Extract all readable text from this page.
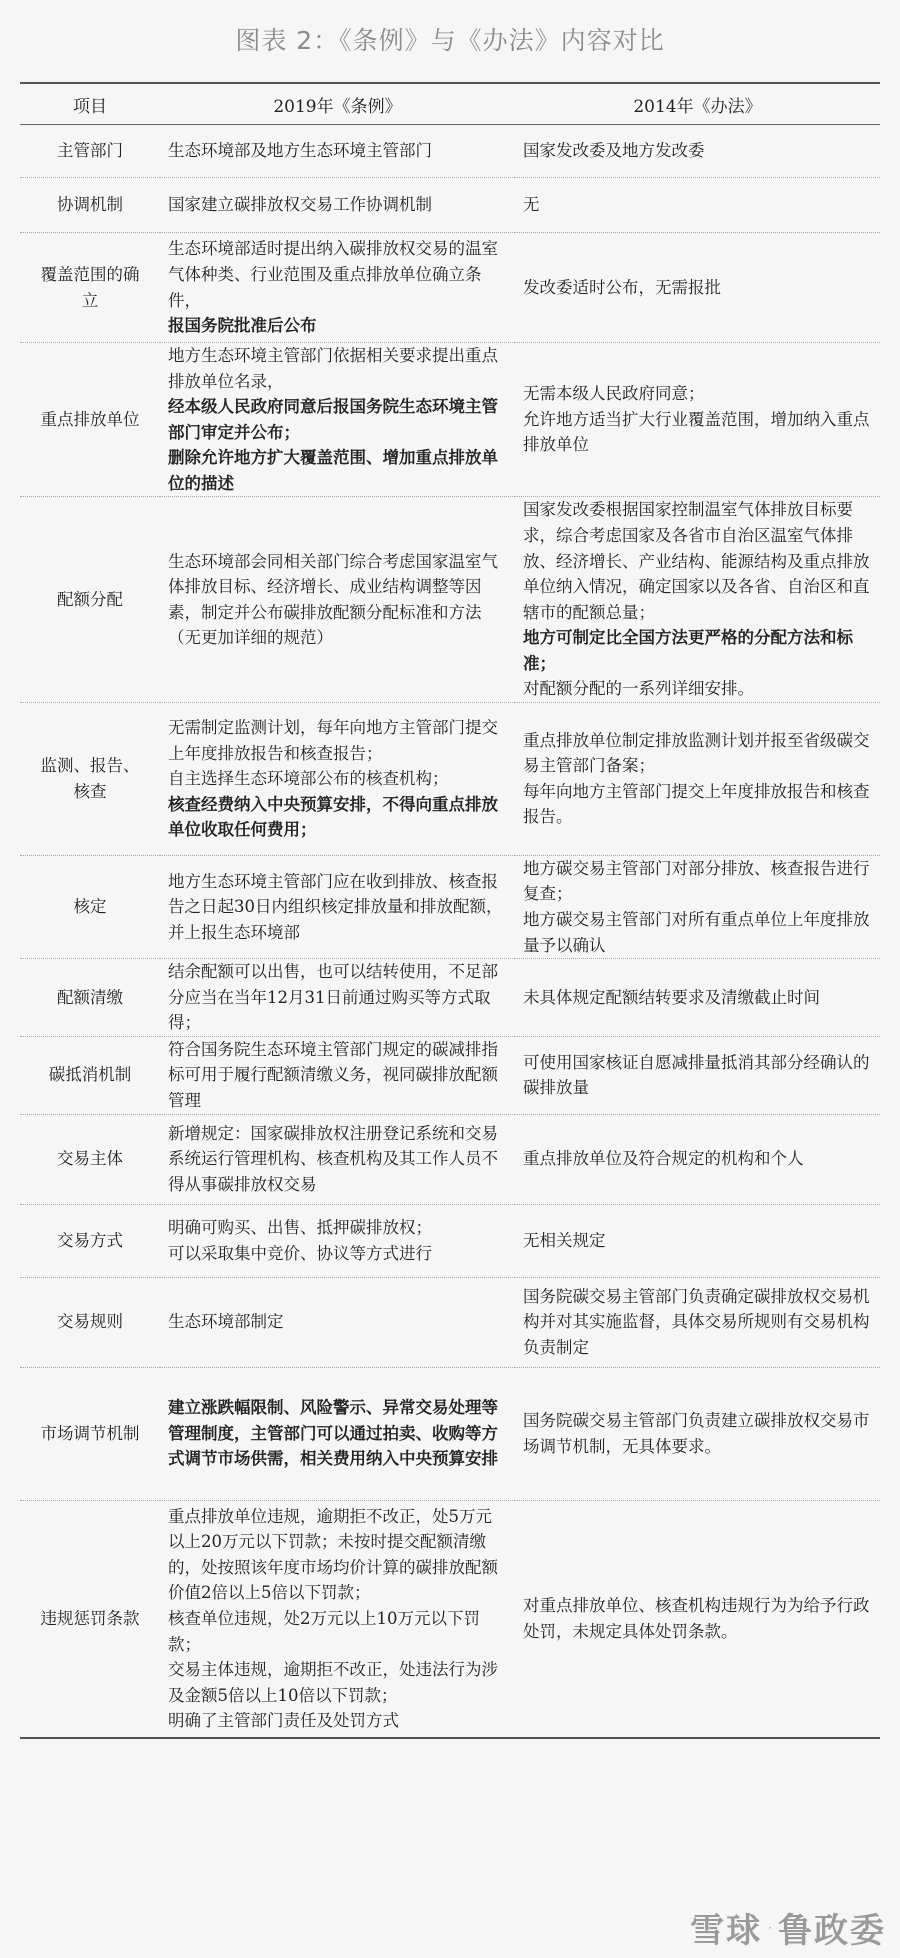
图表 2：《条例》与《办法》内容对比
项目	2019年《条例》	2014年《办法》
主管部门	生态环境部及地方生态环境主管部门	国家发改委及地方发改委

协调机制	国家建立碳排放权交易工作协调机制	无

覆盖范围的确立	生态环境部适时提出纳入碳排放权交易的温室气体种类、行业范围及重点排放单位确立条件，
报国务院批准后公布	发改委适时公布，无需报批

重点排放单位	地方生态环境主管部门依据相关要求提出重点排放单位名录，
经本级人民政府同意后报国务院生态环境主管部门审定并公布；
删除允许地方扩大覆盖范围、增加重点排放单位的描述	无需本级人民政府同意；
允许地方适当扩大行业覆盖范围，增加纳入重点排放单位

配额分配	生态环境部会同相关部门综合考虑国家温室气体排放目标、经济增长、成业结构调整等因素，制定并公布碳排放配额分配标准和方法（无更加详细的规范）	国家发改委根据国家控制温室气体排放目标要求，综合考虑国家及各省市自治区温室气体排放、经济增长、产业结构、能源结构及重点排放单位纳入情况，确定国家以及各省、自治区和直辖市的配额总量；
地方可制定比全国方法更严格的分配方法和标准；
对配额分配的一系列详细安排。

监测、报告、核查	无需制定监测计划，每年向地方主管部门提交上年度排放报告和核查报告；
自主选择生态环境部公布的核查机构；
核查经费纳入中央预算安排，不得向重点排放单位收取任何费用；	重点排放单位制定排放监测计划并报至省级碳交易主管部门备案；
每年向地方主管部门提交上年度排放报告和核查报告。

核定	地方生态环境主管部门应在收到排放、核查报告之日起30日内组织核定排放量和排放配额，并上报生态环境部	地方碳交易主管部门对部分排放、核查报告进行复查；
地方碳交易主管部门对所有重点单位上年度排放量予以确认

配额清缴	结余配额可以出售，也可以结转使用，不足部分应当在当年12月31日前通过购买等方式取得；	未具体规定配额结转要求及清缴截止时间

碳抵消机制	符合国务院生态环境主管部门规定的碳减排指标可用于履行配额清缴义务，视同碳排放配额管理	可使用国家核证自愿减排量抵消其部分经确认的碳排放量

交易主体	新增规定：国家碳排放权注册登记系统和交易系统运行管理机构、核查机构及其工作人员不得从事碳排放权交易	重点排放单位及符合规定的机构和个人

交易方式	明确可购买、出售、抵押碳排放权；
可以采取集中竞价、协议等方式进行	无相关规定

交易规则	生态环境部制定	国务院碳交易主管部门负责确定碳排放权交易机构并对其实施监督，具体交易所规则有交易机构负责制定

市场调节机制	建立涨跌幅限制、风险警示、异常交易处理等管理制度，主管部门可以通过拍卖、收购等方式调节市场供需，相关费用纳入中央预算安排	国务院碳交易主管部门负责建立碳排放权交易市场调节机制，无具体要求。

违规惩罚条款	重点排放单位违规，逾期拒不改正，处5万元以上20万元以下罚款；未按时提交配额清缴的，处按照该年度市场均价计算的碳排放配额价值2倍以上5倍以下罚款；
核查单位违规，处2万元以上10万元以下罚款；
交易主体违规，逾期拒不改正，处违法行为涉及金额5倍以上10倍以下罚款；
明确了主管部门责任及处罚方式	对重点排放单位、核查机构违规行为为给予行政处罚，未规定具体处罚条款。
雪球 · 鲁政委
